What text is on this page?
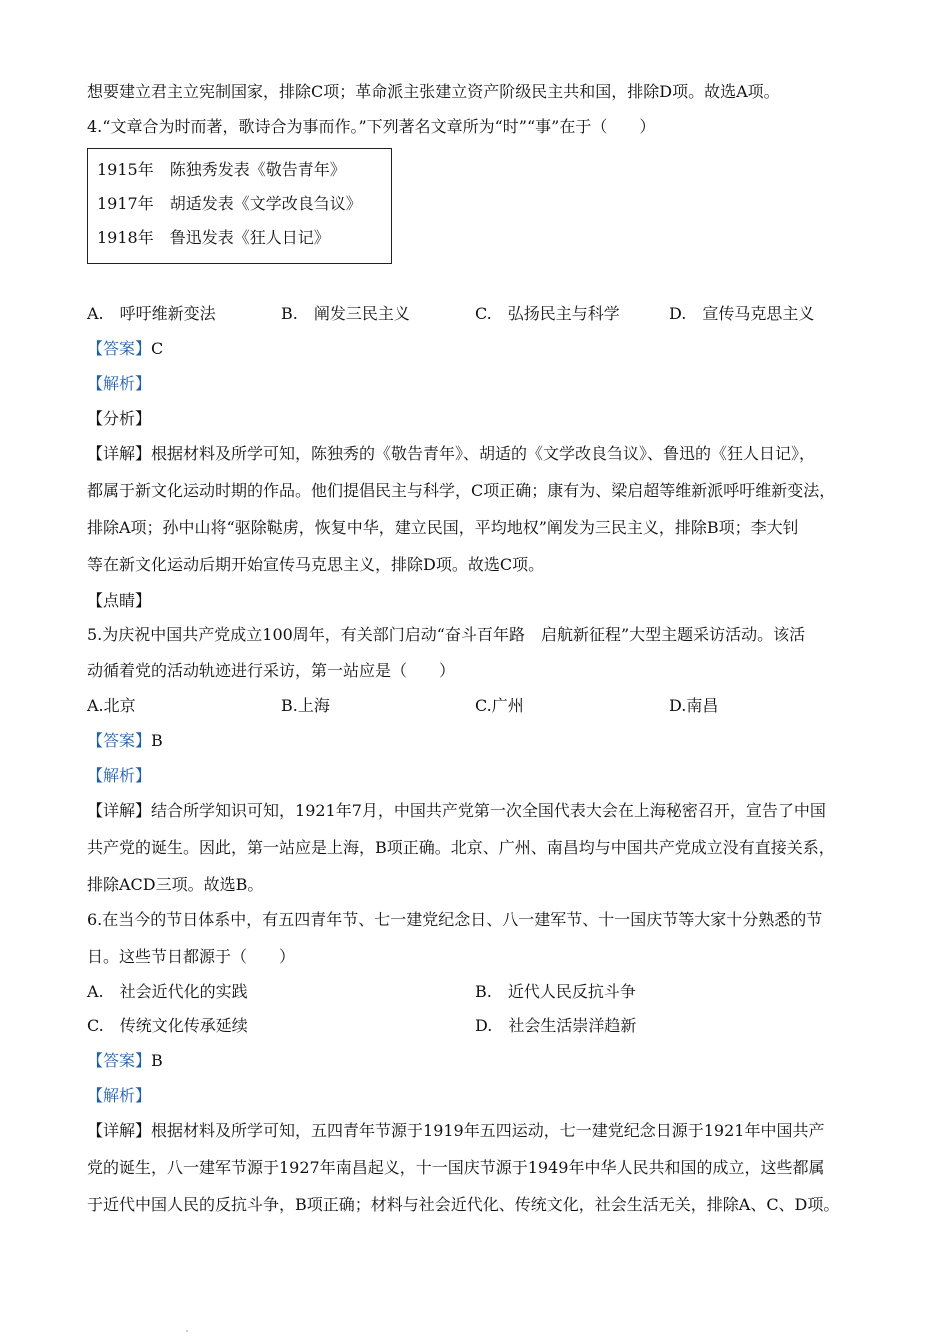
想要建立君主立宪制国家，排除C项；革命派主张建立资产阶级民主共和国，排除D项。故选A项。
4.“文章合为时而著，歌诗合为事而作。”下列著名文章所为“时”“事”在于（　　）
1915年　陈独秀发表《敬告青年》
1917年　胡适发表《文学改良刍议》
1918年　鲁迅发表《狂人日记》
A.　呼吁维新变法	B.　阐发三民主义	C.　弘扬民主与科学	D.　宣传马克思主义
【答案】C
【解析】
【分析】
【详解】根据材料及所学可知，陈独秀的《敬告青年》、胡适的《文学改良刍议》、鲁迅的《狂人日记》，
都属于新文化运动时期的作品。他们提倡民主与科学，C项正确；康有为、梁启超等维新派呼吁维新变法，
排除A项；孙中山将“驱除鞑虏，恢复中华，建立民国，平均地权”阐发为三民主义，排除B项；李大钊
等在新文化运动后期开始宣传马克思主义，排除D项。故选C项。
【点睛】
5.为庆祝中国共产党成立100周年，有关部门启动“奋斗百年路　启航新征程”大型主题采访活动。该活
动循着党的活动轨迹进行采访，第一站应是（　　）
A.北京	B.上海	C.广州	D.南昌
【答案】B
【解析】
【详解】结合所学知识可知，1921年7月，中国共产党第一次全国代表大会在上海秘密召开，宣告了中国
共产党的诞生。因此，第一站应是上海，B项正确。北京、广州、南昌均与中国共产党成立没有直接关系，
排除ACD三项。故选B。
6.在当今的节日体系中，有五四青年节、七一建党纪念日、八一建军节、十一国庆节等大家十分熟悉的节
日。这些节日都源于（　　）
A.　社会近代化的实践	B.　近代人民反抗斗争
C.　传统文化传承延续	D.　社会生活崇洋趋新
【答案】B
【解析】
【详解】根据材料及所学可知，五四青年节源于1919年五四运动，七一建党纪念日源于1921年中国共产
党的诞生，八一建军节源于1927年南昌起义，十一国庆节源于1949年中华人民共和国的成立，这些都属
于近代中国人民的反抗斗争，B项正确；材料与社会近代化、传统文化，社会生活无关，排除A、C、D项。
